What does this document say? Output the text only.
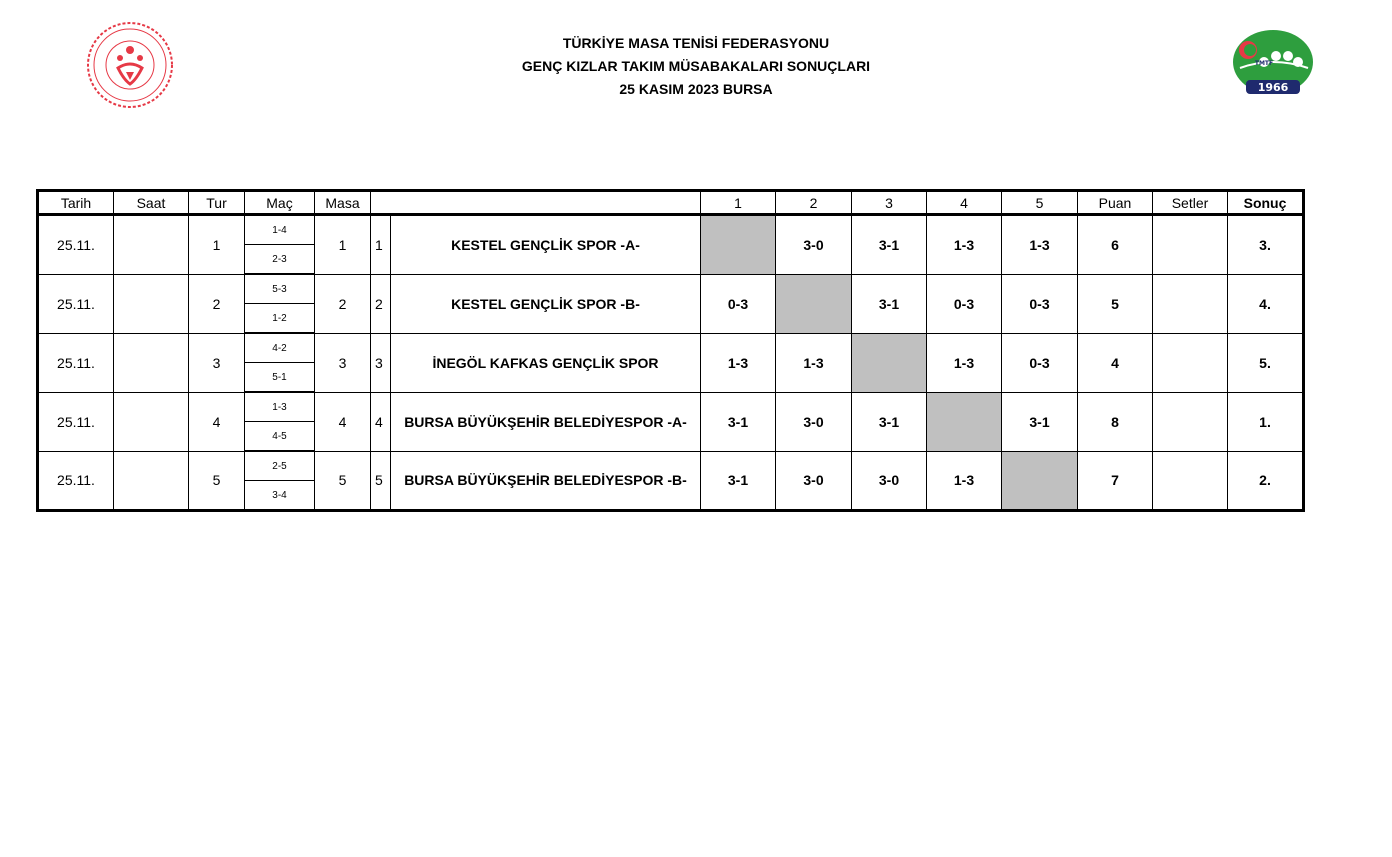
TMTF
1966
TÜRKİYE MASA TENİSİ FEDERASYONU
GENÇ KIZLAR TAKIM MÜSABAKALARI SONUÇLARI
25 KASIM 2023 BURSA
Tarih	Saat	Tur	Maç	Masa			1	2	3	4	5	Puan	Setler	Sonuç
25.11.		1	1-4	1	1	KESTEL GENÇLİK SPOR -A-		3-0	3-1	1-3	1-3	6		3.
			2-3											
25.11.		2	5-3	2	2	KESTEL GENÇLİK SPOR -B-	0-3		3-1	0-3	0-3	5		4.
			1-2											
25.11.		3	4-2	3	3	İNEGÖL KAFKAS GENÇLİK SPOR	1-3	1-3		1-3	0-3	4		5.
			5-1											
25.11.		4	1-3	4	4	BURSA BÜYÜKŞEHİR BELEDİYESPOR -A-	3-1	3-0	3-1		3-1	8		1.
			4-5											
25.11.		5	2-5	5	5	BURSA BÜYÜKŞEHİR BELEDİYESPOR -B-	3-1	3-0	3-0	1-3		7		2.
			3-4											
